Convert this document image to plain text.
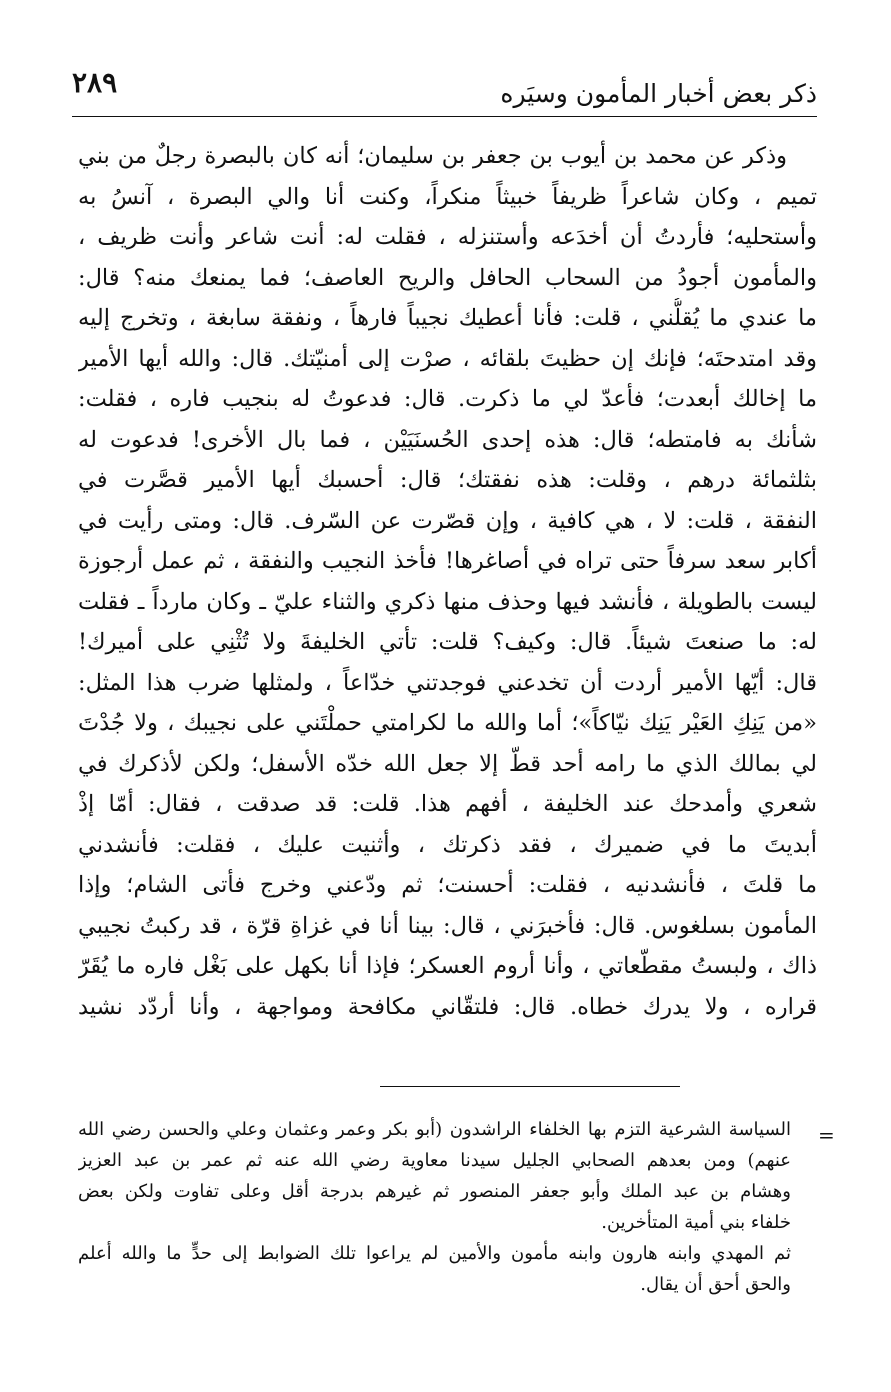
ذكر بعض أخبار المأمون وسيَره
٢٨٩
وذكر عن محمد بن أيوب بن جعفر بن سليمان؛ أنه كان بالبصرة رجلٌ من بني
تميم ، وكان شاعراً ظريفاً خبيثاً منكراً، وكنت أنا والي البصرة ، آنسُ به
وأستحليه؛ فأردتُ أن أخدَعه وأستنزله ، فقلت له: أنت شاعر وأنت ظريف ،
والمأمون أجودُ من السحاب الحافل والريح العاصف؛ فما يمنعك منه؟ قال:
ما عندي ما يُقلُّني ، قلت: فأنا أعطيك نجيباً فارهاً ، ونفقة سابغة ، وتخرج إليه
وقد امتدحتَه؛ فإنك إن حظيتَ بلقائه ، صرْت إلى أمنيّتك. قال: والله أيها الأمير
ما إخالك أبعدت؛ فأعدّ لي ما ذكرت. قال: فدعوتُ له بنجيب فاره ، فقلت:
شأنك به فامتطه؛ قال: هذه إحدى الحُسنَيَيْن ، فما بال الأخرى! فدعوت له
بثلثمائة درهم ، وقلت: هذه نفقتك؛ قال: أحسبك أيها الأمير قصَّرت في
النفقة ، قلت: لا ، هي كافية ، وإن قصّرت عن السّرف. قال: ومتى رأيت في
أكابر سعد سرفاً حتى تراه في أصاغرها! فأخذ النجيب والنفقة ، ثم عمل أرجوزة
ليست بالطويلة ، فأنشد فيها وحذف منها ذكري والثناء عليّ ـ وكان مارداً ـ فقلت
له: ما صنعتَ شيئاً. قال: وكيف؟ قلت: تأتي الخليفةَ ولا تُثْنِي على أميرك!
قال: أيّها الأمير أردت أن تخدعني فوجدتني خدّاعاً ، ولمثلها ضرب هذا المثل:
«من يَنِكِ العَيْر يَنِك نيّاكاً»؛ أما والله ما لكرامتي حملْتَني على نجيبك ، ولا جُدْتَ
لي بمالك الذي ما رامه أحد قطّ إلا جعل الله خدّه الأسفل؛ ولكن لأذكرك في
شعري وأمدحك عند الخليفة ، أفهم هذا. قلت: قد صدقت ، فقال: أمّا إذْ
أبديتَ ما في ضميرك ، فقد ذكرتك ، وأثنيت عليك ، فقلت: فأنشدني
ما قلتَ ، فأنشدنيه ، فقلت: أحسنت؛ ثم ودّعني وخرج فأتى الشام؛ وإذا
المأمون بسلغوس. قال: فأخبرَني ، قال: بينا أنا في غزاةِ قرّة ، قد ركبتُ نجيبي
ذاك ، ولبستُ مقطّعاتي ، وأنا أروم العسكر؛ فإذا أنا بكهل على بَغْل فاره ما يُقَرّ
قراره ، ولا يدرك خطاه. قال: فلتقّاني مكافحة ومواجهة ، وأنا أردّد نشيد
=
السياسة الشرعية التزم بها الخلفاء الراشدون (أبو بكر وعمر وعثمان وعلي والحسن رضي الله
عنهم) ومن بعدهم الصحابي الجليل سيدنا معاوية رضي الله عنه ثم عمر بن عبد العزيز
وهشام بن عبد الملك وأبو جعفر المنصور ثم غيرهم بدرجة أقل وعلى تفاوت ولكن بعض
خلفاء بني أمية المتأخرين.
ثم المهدي وابنه هارون وابنه مأمون والأمين لم يراعوا تلك الضوابط إلى حدٍّ ما والله أعلم
والحق أحق أن يقال.
